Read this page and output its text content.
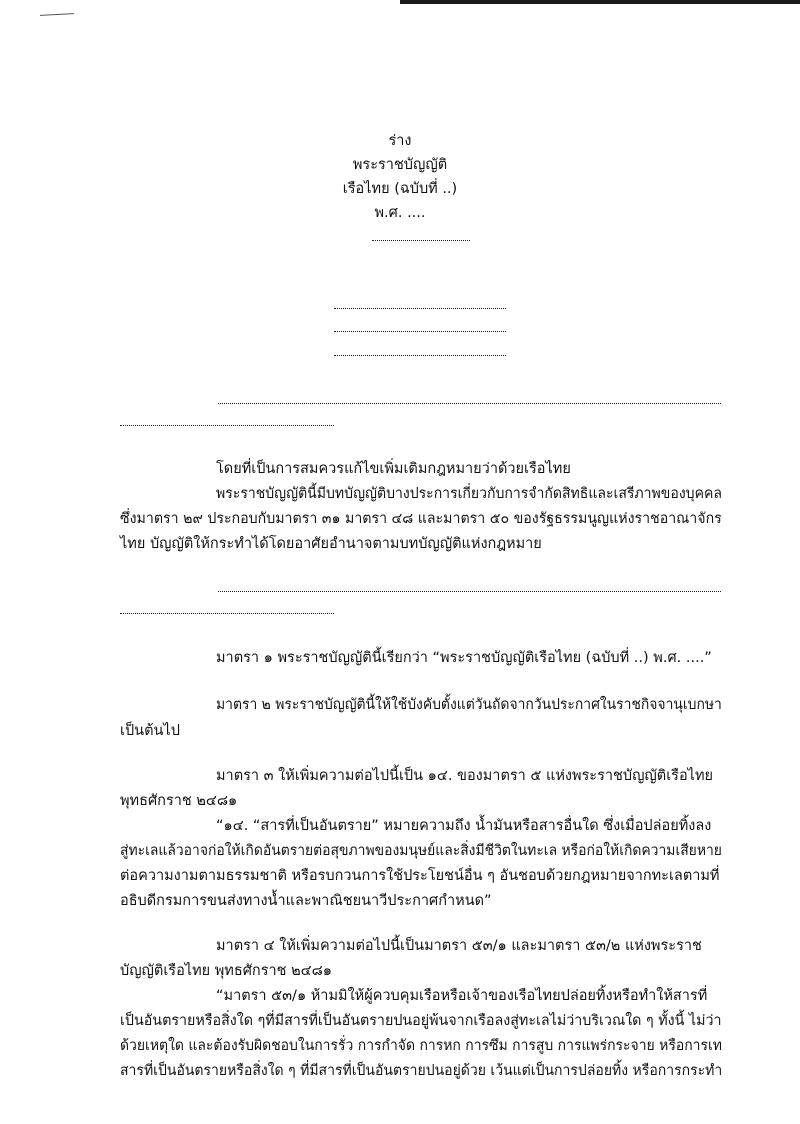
ร่าง
พระราชบัญญัติ
เรือไทย (ฉบับที่ ..)
พ.ศ. ....
โดยที่เป็นการสมควรแก้ไขเพิ่มเติมกฎหมายว่าด้วยเรือไทย
พระราชบัญญัตินี้มีบทบัญญัติบางประการเกี่ยวกับการจำกัดสิทธิและเสรีภาพของบุคคล
ซึ่งมาตรา ๒๙ ประกอบกับมาตรา ๓๑ มาตรา ๔๘ และมาตรา ๕๐ ของรัฐธรรมนูญแห่งราชอาณาจักร
ไทย บัญญัติให้กระทำได้โดยอาศัยอำนาจตามบทบัญญัติแห่งกฎหมาย
มาตรา ๑ พระราชบัญญัตินี้เรียกว่า “พระราชบัญญัติเรือไทย (ฉบับที่ ..) พ.ศ. ....”
มาตรา ๒ พระราชบัญญัตินี้ให้ใช้บังคับตั้งแต่วันถัดจากวันประกาศในราชกิจจานุเบกษา
เป็นต้นไป
มาตรา ๓ ให้เพิ่มความต่อไปนี้เป็น ๑๔. ของมาตรา ๕ แห่งพระราชบัญญัติเรือไทย
พุทธศักราช ๒๔๘๑
“๑๔. “สารที่เป็นอันตราย” หมายความถึง น้ำมันหรือสารอื่นใด ซึ่งเมื่อปล่อยทิ้งลง
สู่ทะเลแล้วอาจก่อให้เกิดอันตรายต่อสุขภาพของมนุษย์และสิ่งมีชีวิตในทะเล หรือก่อให้เกิดความเสียหาย
ต่อความงามตามธรรมชาติ หรือรบกวนการใช้ประโยชน์อื่น ๆ อันชอบด้วยกฎหมายจากทะเลตามที่
อธิบดีกรมการขนส่งทางน้ำและพาณิชยนาวีประกาศกำหนด”
มาตรา ๔ ให้เพิ่มความต่อไปนี้เป็นมาตรา ๕๓/๑ และมาตรา ๕๓/๒ แห่งพระราช
บัญญัติเรือไทย พุทธศักราช ๒๔๘๑
“มาตรา ๕๓/๑ ห้ามมิให้ผู้ควบคุมเรือหรือเจ้าของเรือไทยปล่อยทิ้งหรือทำให้สารที่
เป็นอันตรายหรือสิ่งใด ๆที่มีสารที่เป็นอันตรายปนอยู่พ้นจากเรือลงสู่ทะเลไม่ว่าบริเวณใด ๆ ทั้งนี้ ไม่ว่า
ด้วยเหตุใด และต้องรับผิดชอบในการรั่ว การกำจัด การหก การซึม การสูบ การแพร่กระจาย หรือการเท
สารที่เป็นอันตรายหรือสิ่งใด ๆ ที่มีสารที่เป็นอันตรายปนอยู่ด้วย เว้นแต่เป็นการปล่อยทิ้ง หรือการกระทำ
